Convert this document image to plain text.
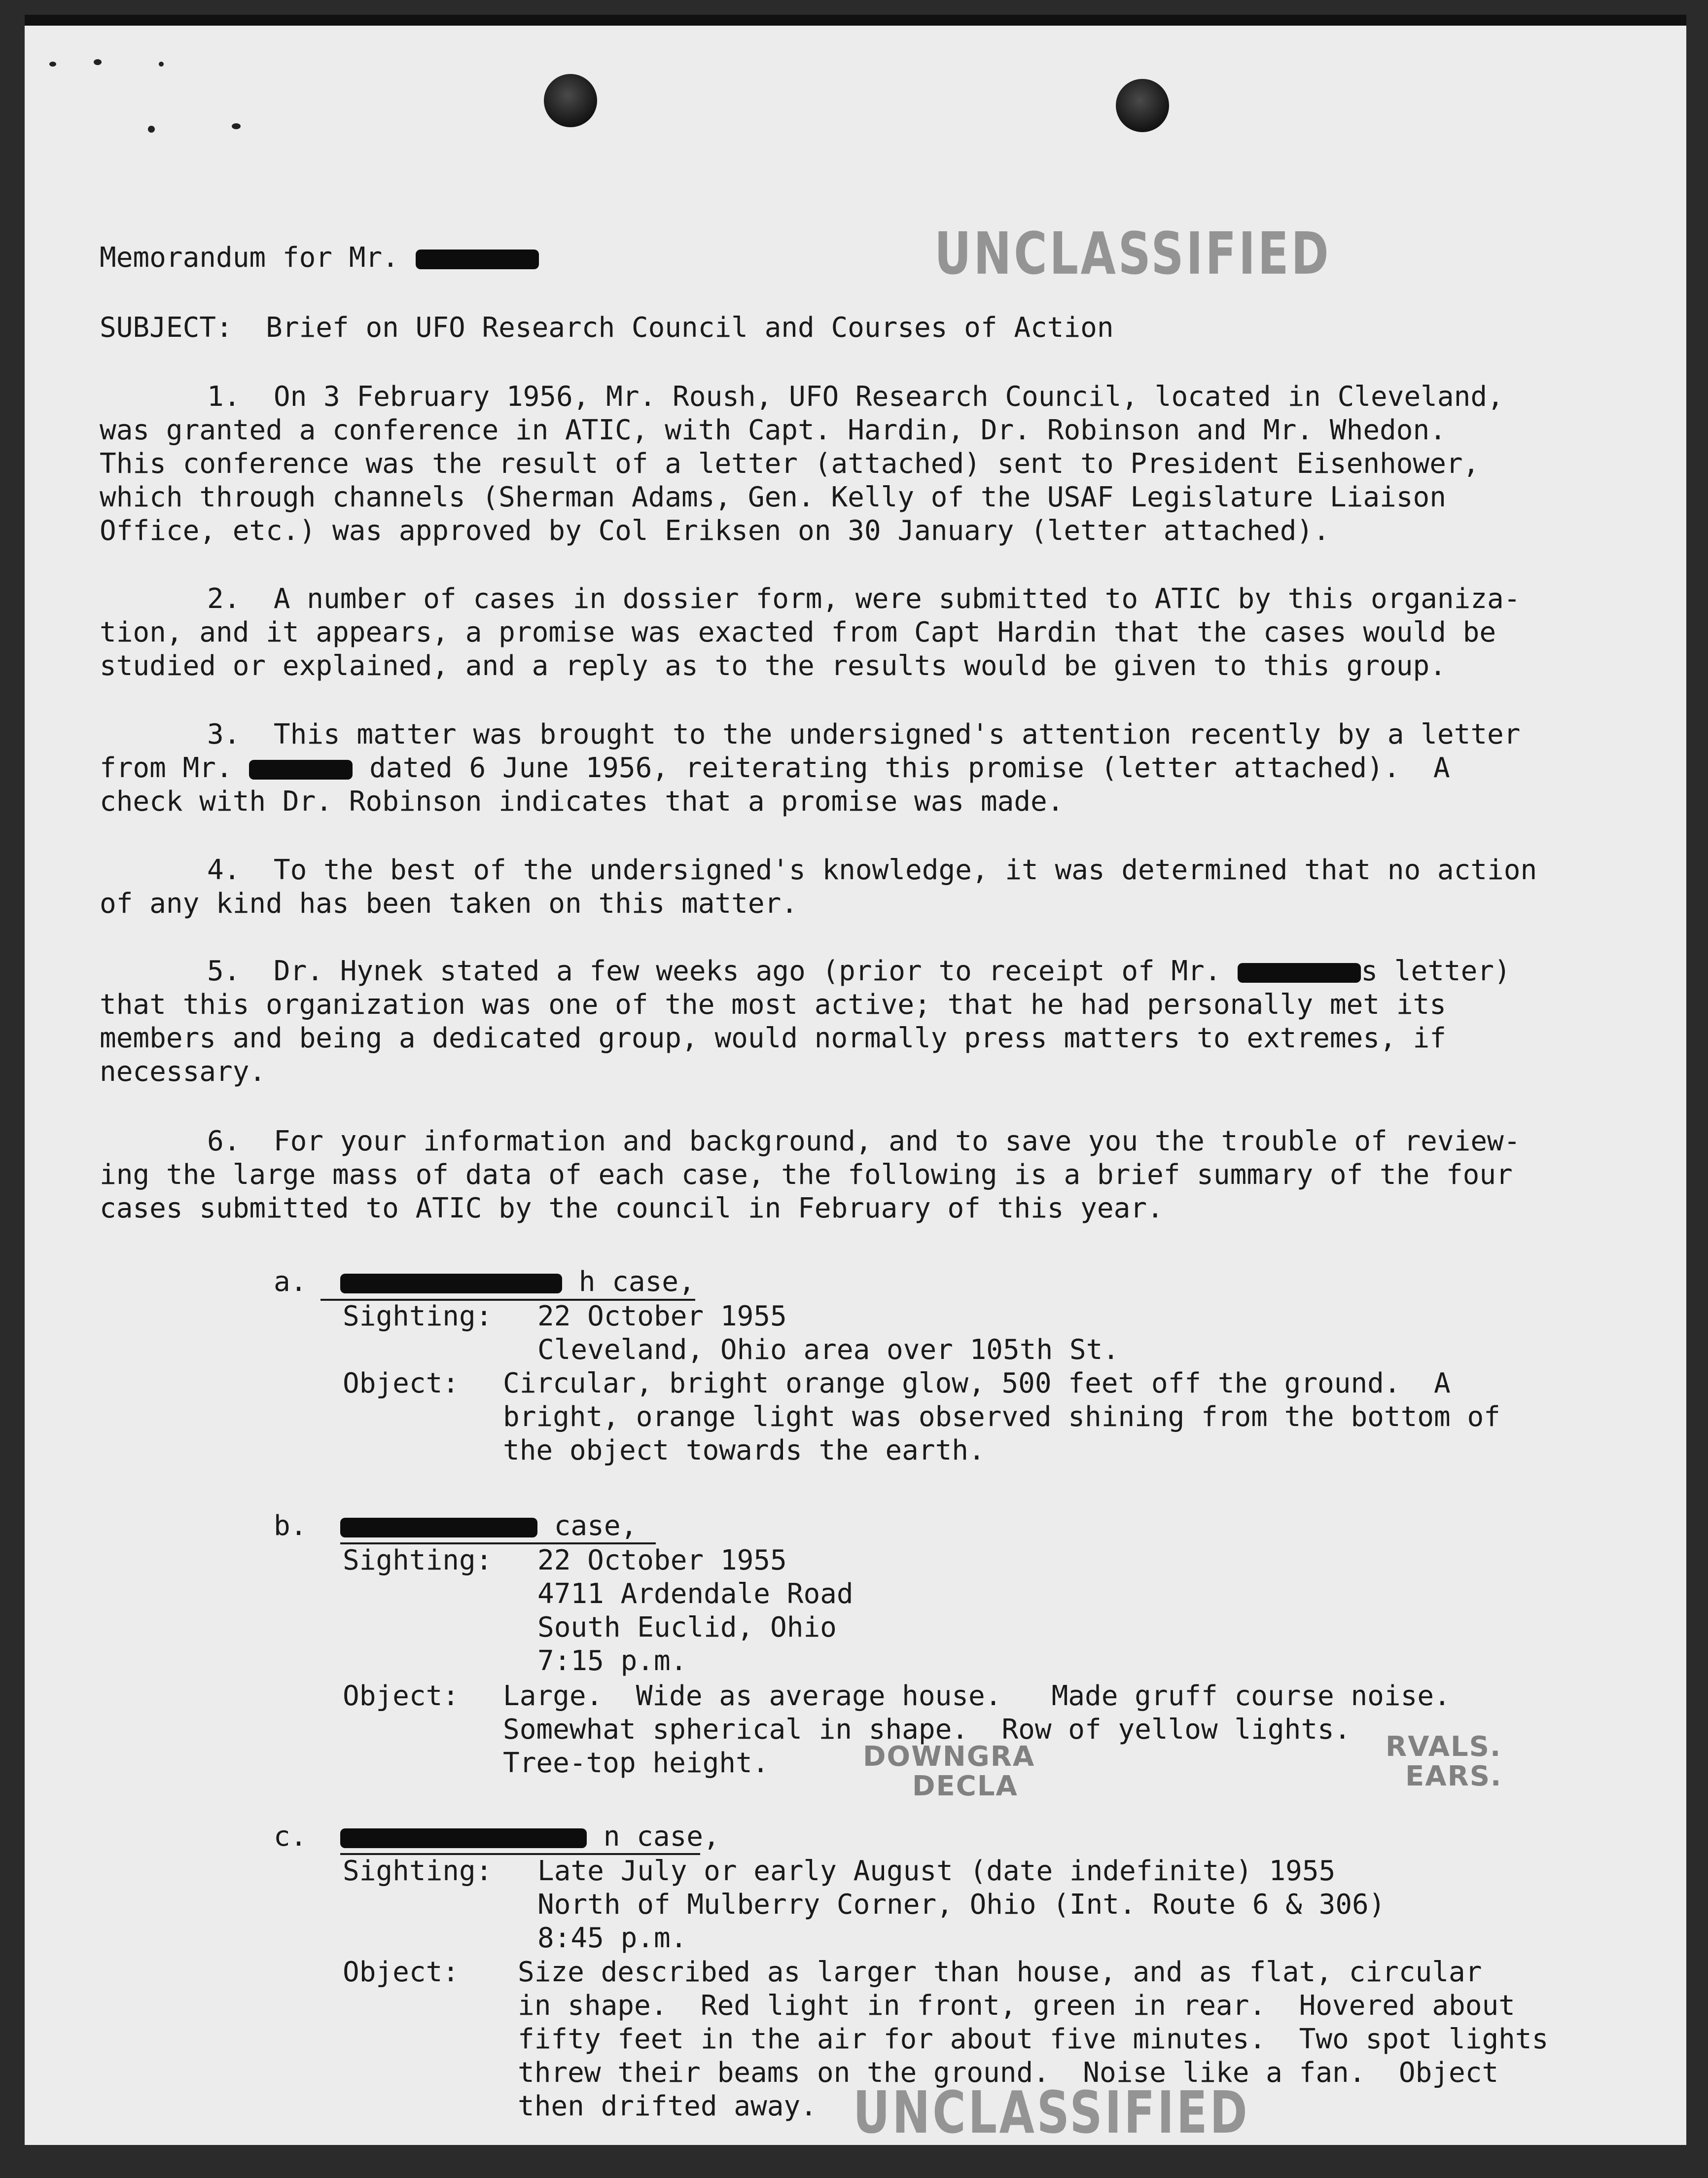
UNCLASSIFIED
Memorandum for Mr.
SUBJECT:  Brief on UFO Research Council and Courses of Action
1.  On 3 February 1956, Mr. Roush, UFO Research Council, located in Cleveland,
was granted a conference in ATIC, with Capt. Hardin, Dr. Robinson and Mr. Whedon.
This conference was the result of a letter (attached) sent to President Eisenhower,
which through channels (Sherman Adams, Gen. Kelly of the USAF Legislature Liaison
Office, etc.) was approved by Col Eriksen on 30 January (letter attached).
2.  A number of cases in dossier form, were submitted to ATIC by this organiza-
tion, and it appears, a promise was exacted from Capt Hardin that the cases would be
studied or explained, and a reply as to the results would be given to this group.
3.  This matter was brought to the undersigned's attention recently by a letter
from Mr.	dated 6 June 1956, reiterating this promise (letter attached).  A
check with Dr. Robinson indicates that a promise was made.
4.  To the best of the undersigned's knowledge, it was determined that no action
of any kind has been taken on this matter.
5.  Dr. Hynek stated a few weeks ago (prior to receipt of Mr.	s letter)
that this organization was one of the most active; that he had personally met its
members and being a dedicated group, would normally press matters to extremes, if
necessary.
6.  For your information and background, and to save you the trouble of review-
ing the large mass of data of each case, the following is a brief summary of the four
cases submitted to ATIC by the council in February of this year.
a.	h case,
Sighting: 22 October 1955
Cleveland, Ohio area over 105th St.
Object: Circular, bright orange glow, 500 feet off the ground.  A
bright, orange light was observed shining from the bottom of
the object towards the earth.
b.	case,
Sighting: 22 October 1955
4711 Ardendale Road
South Euclid, Ohio
7:15 p.m.
Object: Large.  Wide as average house.   Made gruff course noise.
Somewhat spherical in shape.  Row of yellow lights.
Tree-top height.	DOWNGRA
DECLA
RVALS.
EARS.
c.	n case,
Sighting: Late July or early August (date indefinite) 1955
North of Mulberry Corner, Ohio (Int. Route 6 & 306)
8:45 p.m.
Object: Size described as larger than house, and as flat, circular
in shape.  Red light in front, green in rear.  Hovered about
fifty feet in the air for about five minutes.  Two spot lights
threw their beams on the ground.  Noise like a fan.  Object
then drifted away. UNCLASSIFIED
